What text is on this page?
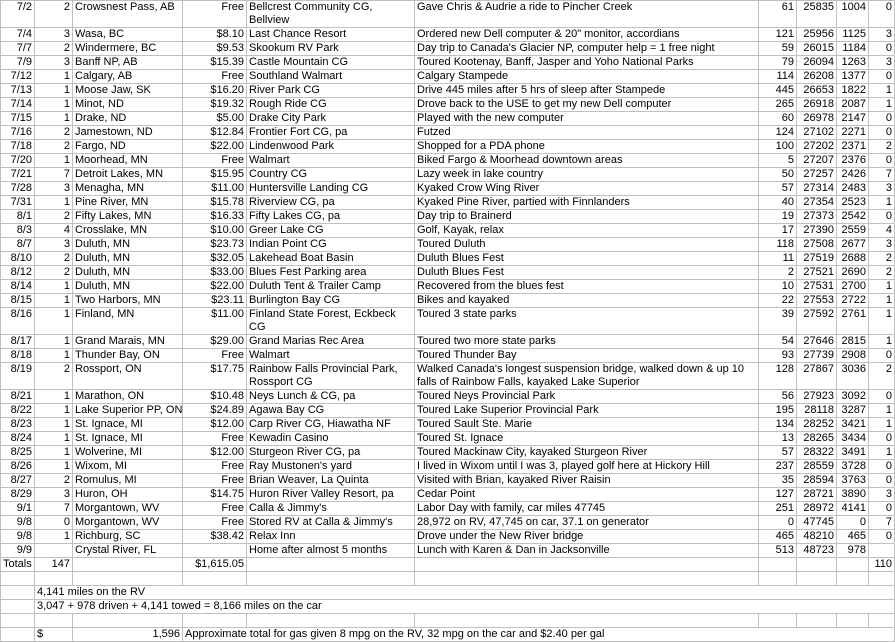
7/2	2	Crowsnest Pass, AB	Free	Bellcrest Community CG, Bellview	Gave Chris & Audrie a ride to Pincher Creek	61	25835	1004	0
7/4	3	Wasa, BC	$8.10	Last Chance Resort	Ordered new Dell computer & 20" monitor, accordians	121	25956	1125	3
7/7	2	Windermere, BC	$9.53	Skookum RV Park	Day trip to Canada's Glacier NP, computer help = 1 free night	59	26015	1184	0
7/9	3	Banff NP, AB	$15.39	Castle Mountain CG	Toured Kootenay, Banff, Jasper and Yoho National Parks	79	26094	1263	3
7/12	1	Calgary, AB	Free	Southland Walmart	Calgary Stampede	114	26208	1377	0
7/13	1	Moose Jaw, SK	$16.20	River Park CG	Drive 445 miles after 5 hrs of sleep after Stampede	445	26653	1822	1
7/14	1	Minot, ND	$19.32	Rough Ride CG	Drove back to the USE to get my new Dell computer	265	26918	2087	1
7/15	1	Drake, ND	$5.00	Drake City Park	Played with the new computer	60	26978	2147	0
7/16	2	Jamestown, ND	$12.84	Frontier Fort CG, pa	Futzed	124	27102	2271	0
7/18	2	Fargo, ND	$22.00	Lindenwood Park	Shopped for a PDA phone	100	27202	2371	2
7/20	1	Moorhead, MN	Free	Walmart	Biked Fargo & Moorhead downtown areas	5	27207	2376	0
7/21	7	Detroit Lakes, MN	$15.95	Country CG	Lazy week in lake country	50	27257	2426	7
7/28	3	Menagha, MN	$11.00	Huntersville Landing CG	Kyaked Crow Wing River	57	27314	2483	3
7/31	1	Pine River, MN	$15.78	Riverview CG, pa	Kyaked Pine River, partied with Finnlanders	40	27354	2523	1
8/1	2	Fifty Lakes, MN	$16.33	Fifty Lakes CG, pa	Day trip to Brainerd	19	27373	2542	0
8/3	4	Crosslake, MN	$10.00	Greer Lake CG	Golf, Kayak, relax	17	27390	2559	4
8/7	3	Duluth, MN	$23.73	Indian Point CG	Toured Duluth	118	27508	2677	3
8/10	2	Duluth, MN	$32.05	Lakehead Boat Basin	Duluth Blues Fest	11	27519	2688	2
8/12	2	Duluth, MN	$33.00	Blues Fest Parking area	Duluth Blues Fest	2	27521	2690	2
8/14	1	Duluth, MN	$22.00	Duluth Tent & Trailer Camp	Recovered from the blues fest	10	27531	2700	1
8/15	1	Two Harbors, MN	$23.11	Burlington Bay CG	Bikes and kayaked	22	27553	2722	1
8/16	1	Finland, MN	$11.00	Finland State Forest, Eckbeck CG	Toured 3 state parks	39	27592	2761	1
8/17	1	Grand Marais, MN	$29.00	Grand Marias Rec Area	Toured two more state parks	54	27646	2815	1
8/18	1	Thunder Bay, ON	Free	Walmart	Toured Thunder Bay	93	27739	2908	0
8/19	2	Rossport, ON	$17.75	Rainbow Falls Provincial Park, Rossport CG	Walked Canada's longest suspension bridge, walked down & up 10 falls of Rainbow Falls, kayaked Lake Superior	128	27867	3036	2
8/21	1	Marathon, ON	$10.48	Neys Lunch & CG, pa	Toured Neys Provincial Park	56	27923	3092	0
8/22	1	Lake Superior PP, ON	$24.89	Agawa Bay CG	Toured Lake Superior Provincial Park	195	28118	3287	1
8/23	1	St. Ignace, MI	$12.00	Carp River CG, Hiawatha NF	Toured Sault Ste. Marie	134	28252	3421	1
8/24	1	St. Ignace, MI	Free	Kewadin Casino	Toured St. Ignace	13	28265	3434	0
8/25	1	Wolverine, MI	$12.00	Sturgeon River CG, pa	Toured Mackinaw City, kayaked Sturgeon River	57	28322	3491	1
8/26	1	Wixom, MI	Free	Ray Mustonen's yard	I lived in Wixom until I was 3, played golf here at Hickory Hill	237	28559	3728	0
8/27	2	Romulus, MI	Free	Brian Weaver, La Quinta	Visited with Brian, kayaked River Raisin	35	28594	3763	0
8/29	3	Huron, OH	$14.75	Huron River Valley Resort, pa	Cedar Point	127	28721	3890	3
9/1	7	Morgantown, WV	Free	Calla & Jimmy's	Labor Day with family, car miles 47745	251	28972	4141	0
9/8	0	Morgantown, WV	Free	Stored RV at Calla & Jimmy's	28,972 on RV, 47,745 on car, 37.1 on generator	0	47745	0	7
9/8	1	Richburg, SC	$38.42	Relax Inn	Drove under the New River bridge	465	48210	465	0
9/9		Crystal River, FL		Home after almost 5 months	Lunch with Karen & Dan in Jacksonville	513	48723	978	
Totals	147		$1,615.05						110

	4,141 miles on the RV								
	3,047 + 978 driven + 4,141 towed = 8,166 miles on the car								

	$	1,596	Approximate total for gas given 8 mpg on the RV, 32 mpg on the car and $2.40 per gal						
